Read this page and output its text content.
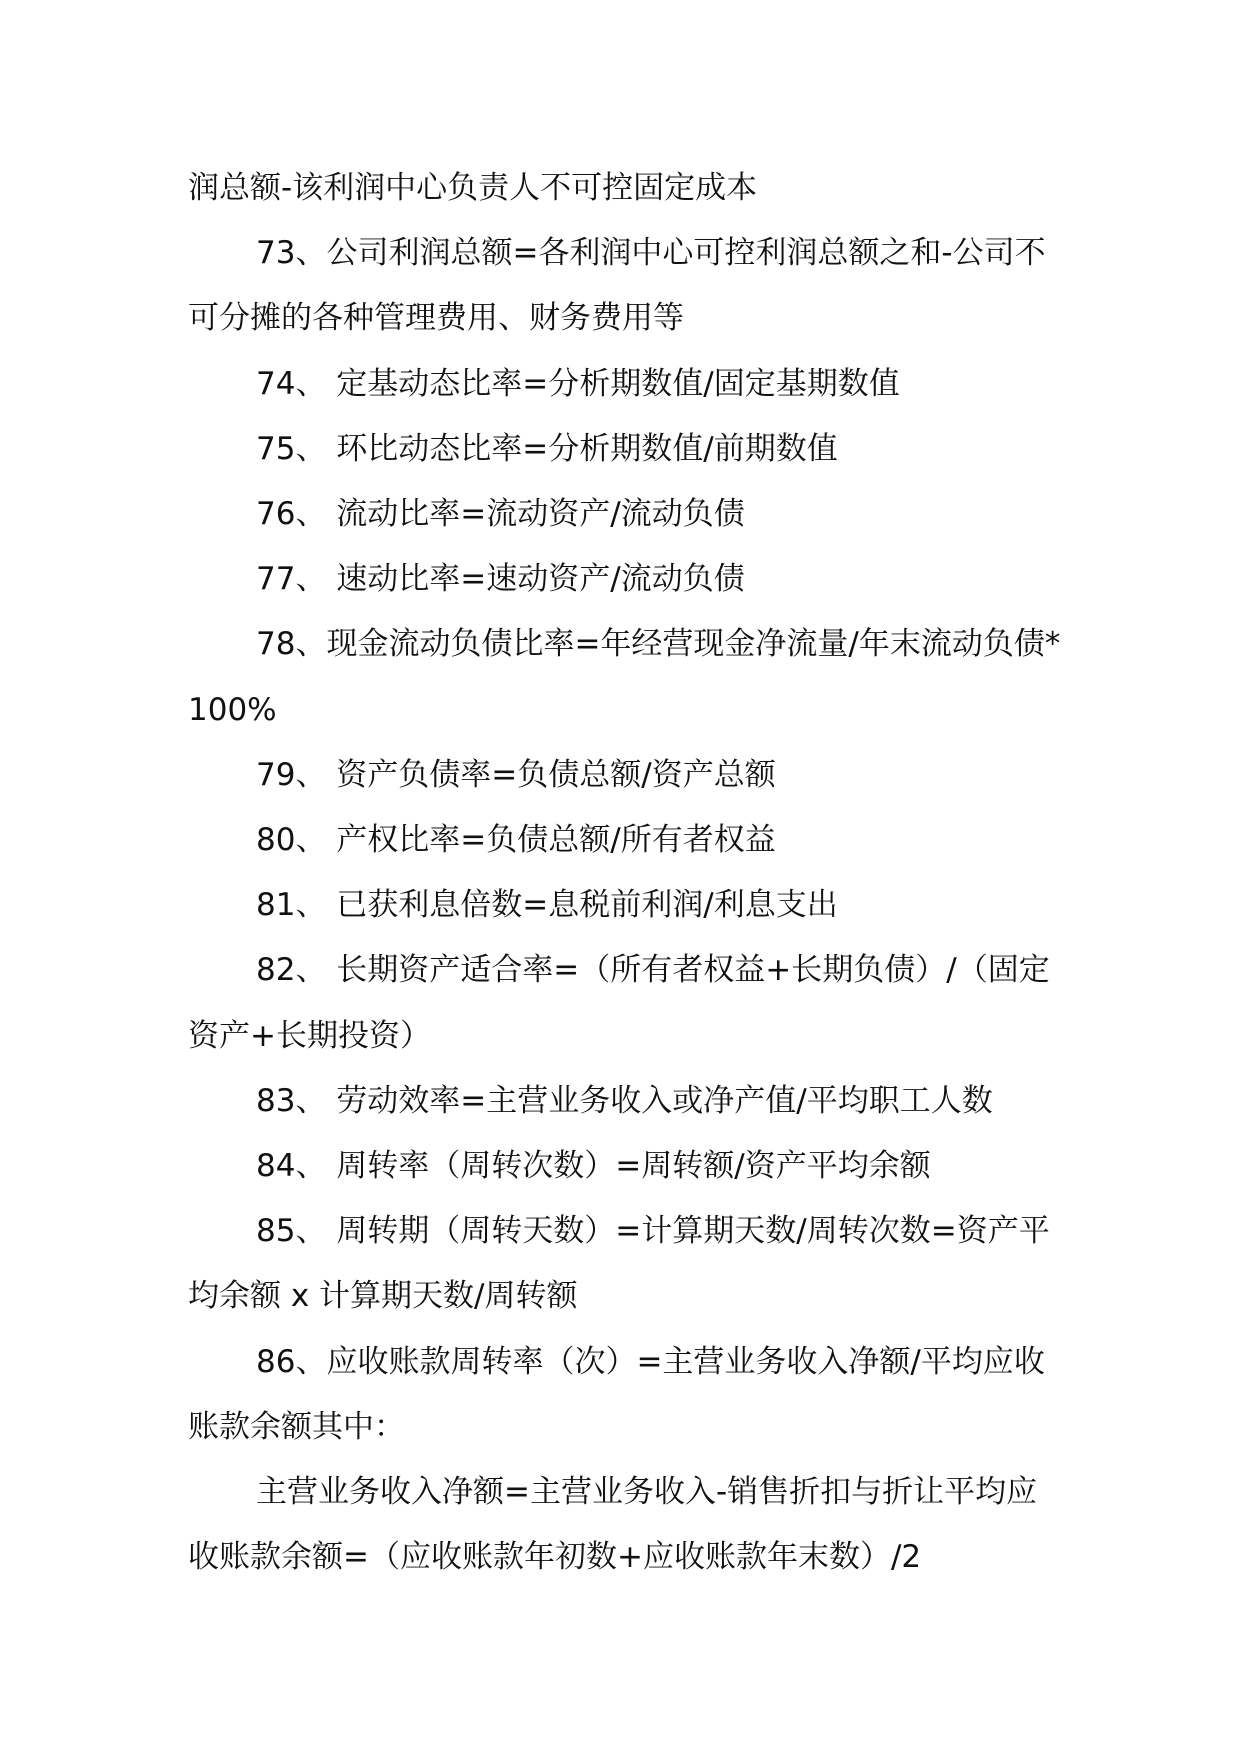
润总额-该利润中心负责人不可控固定成本

73、公司利润总额=各利润中心可控利润总额之和-公司不可分摊的各种管理费用、财务费用等

74、 定基动态比率=分析期数值/固定基期数值

75、 环比动态比率=分析期数值/前期数值

76、 流动比率=流动资产/流动负债

77、 速动比率=速动资产/流动负债

78、现金流动负债比率=年经营现金净流量/年末流动负债*100%

79、 资产负债率=负债总额/资产总额

80、 产权比率=负债总额/所有者权益

81、 已获利息倍数=息税前利润/利息支出

82、 长期资产适合率=（所有者权益+长期负债）/（固定资产+长期投资）

83、 劳动效率=主营业务收入或净产值/平均职工人数

84、 周转率（周转次数）=周转额/资产平均余额

85、 周转期（周转天数）=计算期天数/周转次数=资产平均余额 x 计算期天数/周转额

86、应收账款周转率（次）=主营业务收入净额/平均应收账款余额其中：

主营业务收入净额=主营业务收入-销售折扣与折让平均应收账款余额=（应收账款年初数+应收账款年末数）/2
